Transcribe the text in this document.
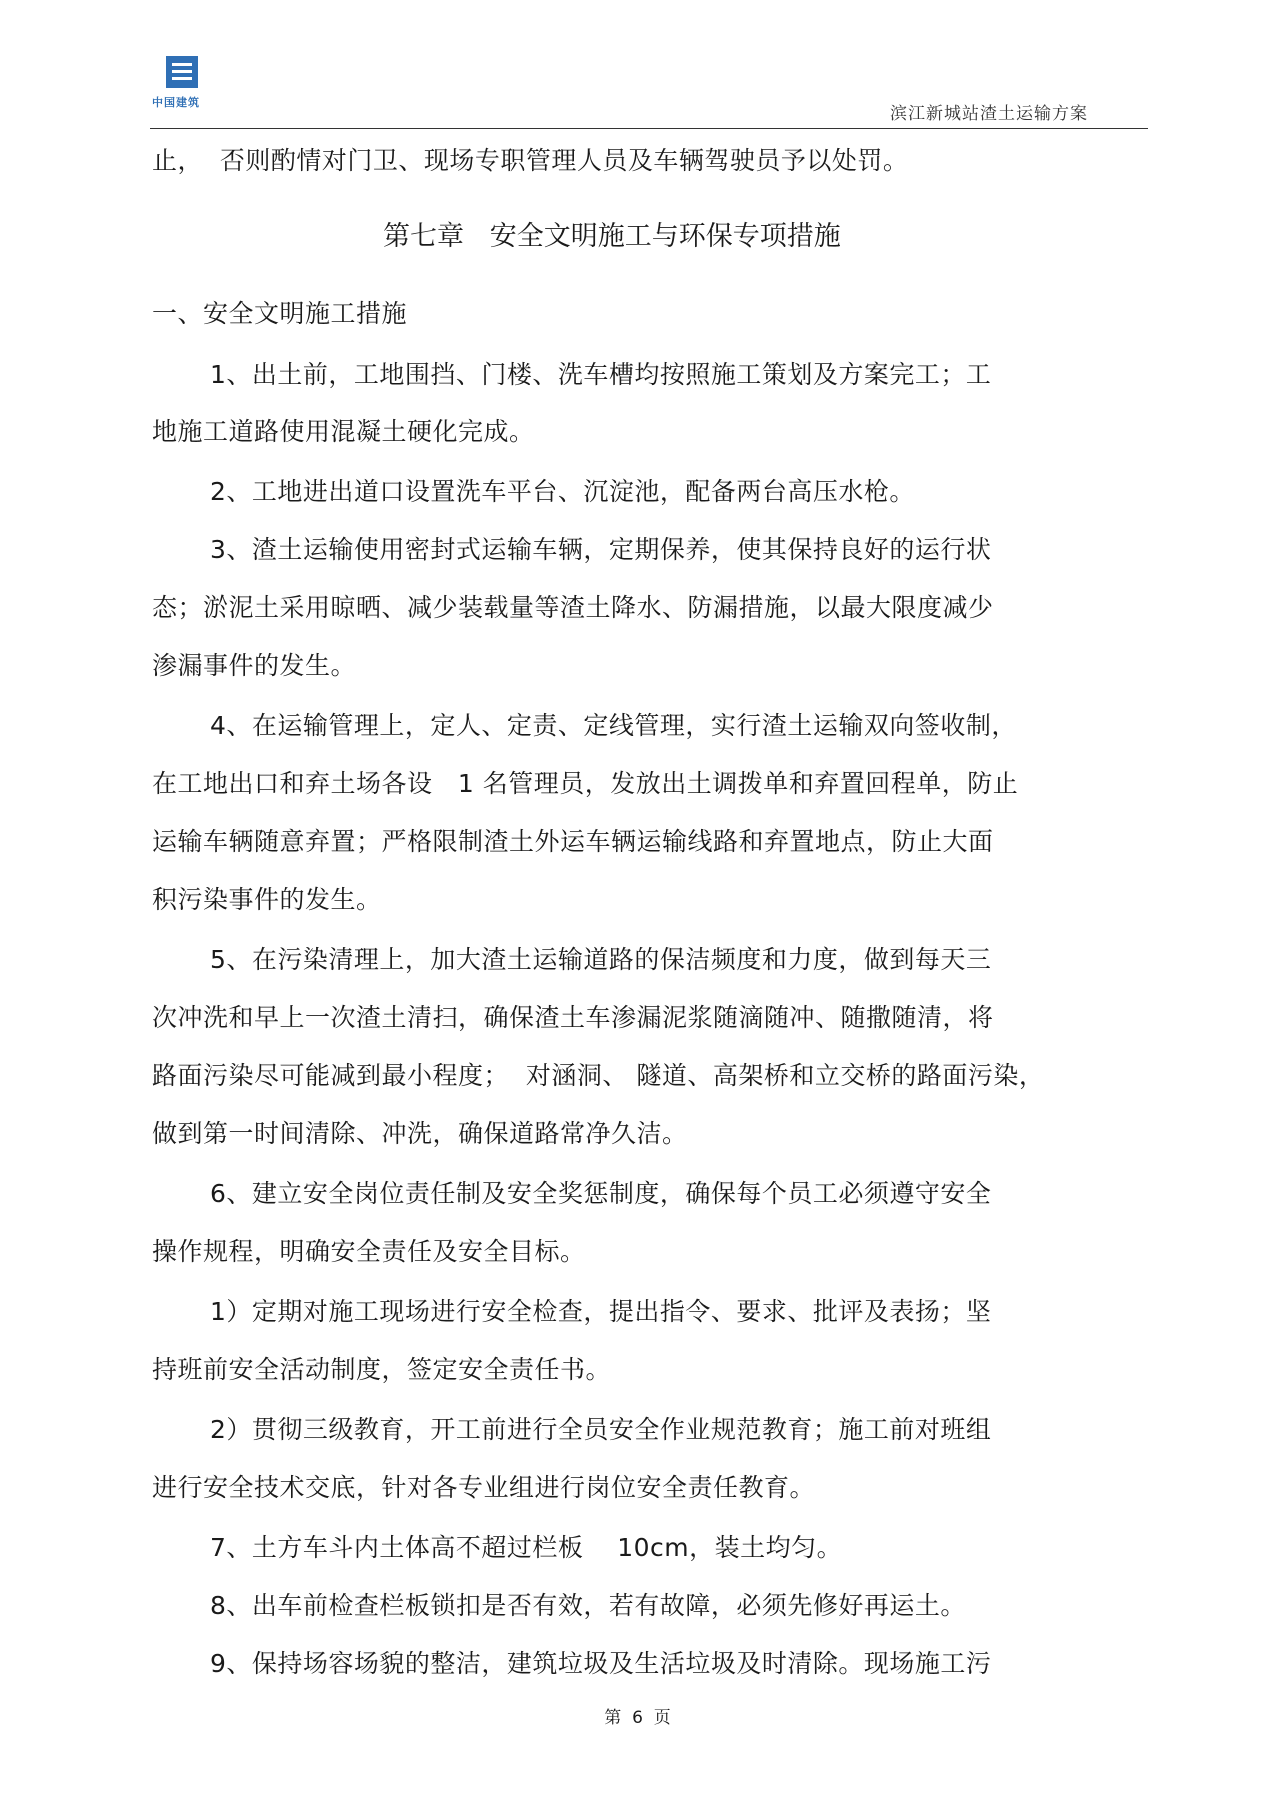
中国建筑
滨江新城站渣土运输方案
止，  否则酌情对门卫、现场专职管理人员及车辆驾驶员予以处罚。
第七章   安全文明施工与环保专项措施
一、安全文明施工措施
1、出土前，工地围挡、门楼、洗车槽均按照施工策划及方案完工；工
地施工道路使用混凝土硬化完成。
2、工地进出道口设置洗车平台、沉淀池，配备两台高压水枪。
3、渣土运输使用密封式运输车辆，定期保养，使其保持良好的运行状
态；淤泥土采用晾晒、减少装载量等渣土降水、防漏措施，以最大限度减少
渗漏事件的发生。
4、在运输管理上，定人、定责、定线管理，实行渣土运输双向签收制，
在工地出口和弃土场各设   1 名管理员，发放出土调拨单和弃置回程单，防止
运输车辆随意弃置；严格限制渣土外运车辆运输线路和弃置地点，防止大面
积污染事件的发生。
5、在污染清理上，加大渣土运输道路的保洁频度和力度，做到每天三
次冲洗和早上一次渣土清扫，确保渣土车渗漏泥浆随滴随冲、随撒随清，将
路面污染尽可能减到最小程度；  对涵洞、 隧道、高架桥和立交桥的路面污染，
做到第一时间清除、冲洗，确保道路常净久洁。
6、建立安全岗位责任制及安全奖惩制度，确保每个员工必须遵守安全
操作规程，明确安全责任及安全目标。
1）定期对施工现场进行安全检查，提出指令、要求、批评及表扬；坚
持班前安全活动制度，签定安全责任书。
2）贯彻三级教育，开工前进行全员安全作业规范教育；施工前对班组
进行安全技术交底，针对各专业组进行岗位安全责任教育。
7、土方车斗内土体高不超过栏板    10cm，装土均匀。
8、出车前检查栏板锁扣是否有效，若有故障，必须先修好再运土。
9、保持场容场貌的整洁，建筑垃圾及生活垃圾及时清除。现场施工污
第  6  页
